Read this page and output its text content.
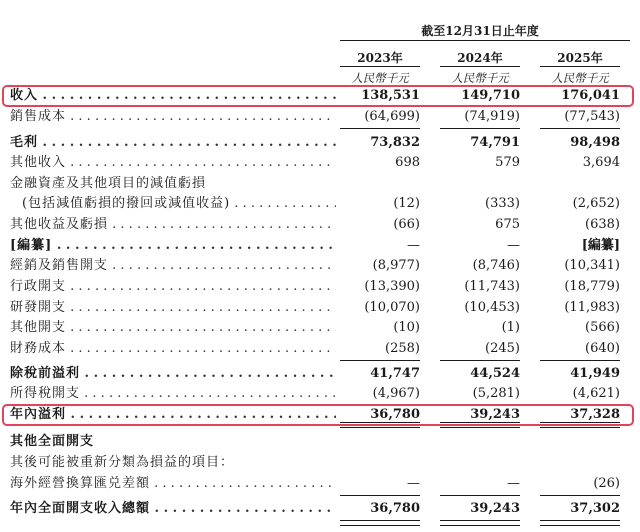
截至12月31日止年度
2023年	2024年	2025年
人民幣千元	人民幣千元	人民幣千元
收入 . . .	138,531	149,710	176,041
銷售成本 . . .	(64,699)	(74,919)	(77,543)
毛利 . . .	73,832	74,791	98,498
其他收入 . . .	698	579	3,694
金融資產及其他項目的減值虧損
(包括減值虧損的撥回或減值收益) . . .	(12)	(333)	(2,652)
其他收益及虧損 . . .	(66)	675	(638)
[編纂] . . .	—	—	[編纂]
經銷及銷售開支 . . .	(8,977)	(8,746)	(10,341)
行政開支 . . .	(13,390)	(11,743)	(18,779)
研發開支 . . .	(10,070)	(10,453)	(11,983)
其他開支 . . .	(10)	(1)	(566)
財務成本 . . .	(258)	(245)	(640)
除稅前溢利 . . .	41,747	44,524	41,949
所得稅開支 . . .	(4,967)	(5,281)	(4,621)
年內溢利 . . .	36,780	39,243	37,328
其他全面開支
其後可能被重新分類為損益的項目：
海外經營換算匯兑差額 . . .	—	—	(26)
年內全面開支收入總額 . . .	36,780	39,243	37,302
